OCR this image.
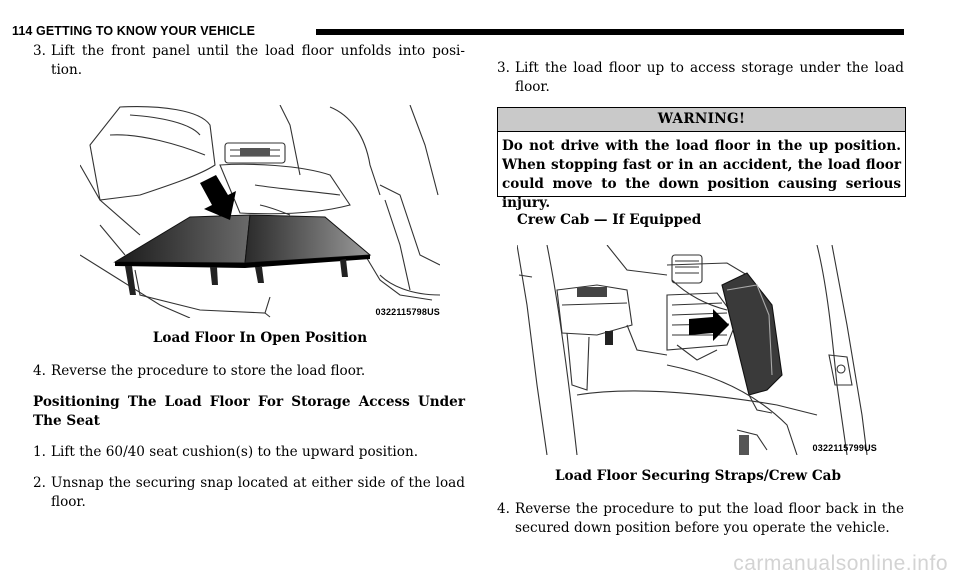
114 GETTING TO KNOW YOUR VEHICLE
3. Lift the front panel until the load floor unfolds into posi- tion.
0322115798US
Load Floor In Open Position
4. Reverse the procedure to store the load floor.
Positioning The Load Floor For Storage Access Under The Seat
1. Lift the 60/40 seat cushion(s) to the upward position.
2. Unsnap the securing snap located at either side of the load floor.
3. Lift the load floor up to access storage under the load floor.
WARNING!
Do not drive with the load floor in the up position. When stopping fast or in an accident, the load floor could move to the down position causing serious injury.
Crew Cab — If Equipped
0322115799US
Load Floor Securing Straps/Crew Cab
4. Reverse the procedure to put the load floor back in the secured down position before you operate the vehicle.
carmanualsonline.info
